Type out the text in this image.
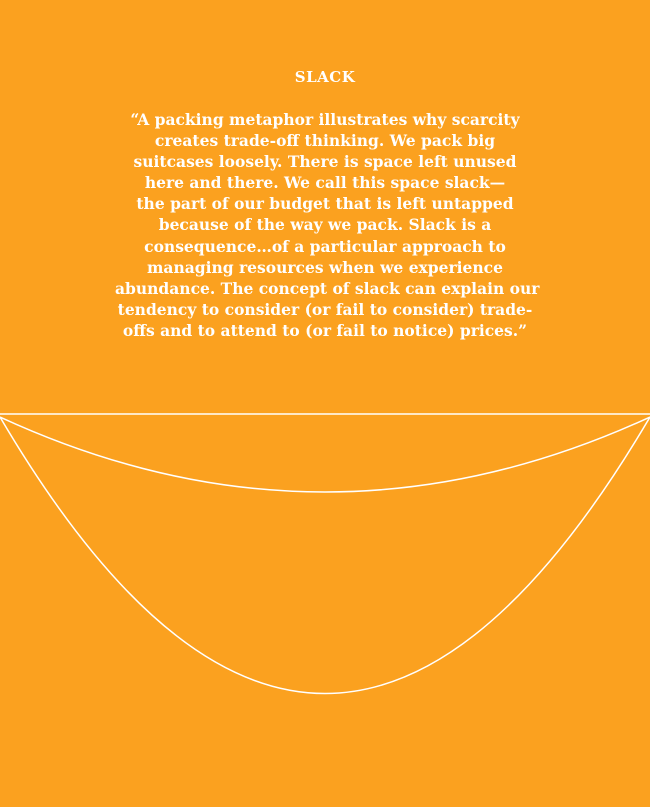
SLACK

“A packing metaphor illustrates why scarcity
creates trade-off thinking. We pack big
suitcases loosely. There is space left unused
here and there. We call this space slack—
the part of our budget that is left untapped
because of the way we pack. Slack is a
consequence…of a particular approach to
managing resources when we experience
abundance. The concept of slack can explain our
tendency to consider (or fail to consider) trade-
offs and to attend to (or fail to notice) prices.”
